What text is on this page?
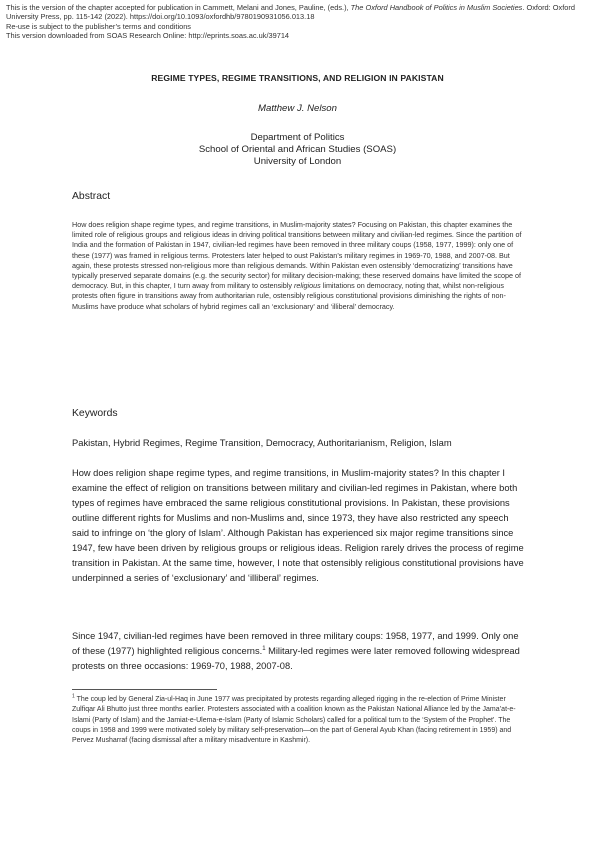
This is the version of the chapter accepted for publication in Cammett, Melani and Jones, Pauline, (eds.), The Oxford Handbook of Politics in Muslim Societies. Oxford: Oxford University Press, pp. 115-142 (2022). https://doi.org/10.1093/oxfordhb/9780190931056.013.18

Re-use is subject to the publisher’s terms and conditions

This version downloaded from SOAS Research Online: http://eprints.soas.ac.uk/39714

REGIME TYPES, REGIME TRANSITIONS, AND RELIGION IN PAKISTAN

Matthew J. Nelson

Department of Politics
School of Oriental and African Studies (SOAS)
University of London
Abstract

How does religion shape regime types, and regime transitions, in Muslim-majority states? Focusing on Pakistan, this chapter examines the limited role of religious groups and religious ideas in driving political transitions between military and civilian-led regimes. Since the partition of India and the formation of Pakistan in 1947, civilian-led regimes have been removed in three military coups (1958, 1977, 1999): only one of these (1977) was framed in religious terms. Protesters later helped to oust Pakistan’s military regimes in 1969-70, 1988, and 2007-08. But again, these protests stressed non-religious more than religious demands. Within Pakistan even ostensibly ‘democratizing’ transitions have typically preserved separate domains (e.g. the security sector) for military decision-making; these reserved domains have limited the scope of democracy. But, in this chapter, I turn away from military to ostensibly religious limitations on democracy, noting that, whilst non-religious protests often figure in transitions away from authoritarian rule, ostensibly religious constitutional provisions diminishing the rights of non-Muslims have produce what scholars of hybrid regimes call an ‘exclusionary’ and ‘illiberal’ democracy.

Keywords

Pakistan, Hybrid Regimes, Regime Transition, Democracy, Authoritarianism, Religion, Islam

How does religion shape regime types, and regime transitions, in Muslim-majority states? In this chapter I examine the effect of religion on transitions between military and civilian-led regimes in Pakistan, where both types of regimes have embraced the same religious constitutional provisions. In Pakistan, these provisions outline different rights for Muslims and non-Muslims and, since 1973, they have also restricted any speech said to infringe on ‘the glory of Islam’. Although Pakistan has experienced six major regime transitions since 1947, few have been driven by religious groups or religious ideas. Religion rarely drives the process of regime transition in Pakistan. At the same time, however, I note that ostensibly religious constitutional provisions have underpinned a series of ‘exclusionary’ and ‘illiberal’ regimes.

Since 1947, civilian-led regimes have been removed in three military coups: 1958, 1977, and 1999. Only one of these (1977) highlighted religious concerns.$^1$ Military-led regimes were later removed following widespread protests on three occasions: 1969-70, 1988, 2007-08.

$^1$ The coup led by General Zia-ul-Haq in June 1977 was precipitated by protests regarding alleged rigging in the re-election of Prime Minister Zulfiqar Ali Bhutto just three months earlier. Protesters associated with a coalition known as the Pakistan National Alliance led by the Jama’at-e-Islami (Party of Islam) and the Jamiat-e-Ulema-e-Islam (Party of Islamic Scholars) called for a political turn to the ‘System of the Prophet’. The coups in 1958 and 1999 were motivated solely by military self-preservation—on the part of General Ayub Khan (facing retirement in 1959) and Pervez Musharraf (facing dismissal after a military misadventure in Kashmir).
